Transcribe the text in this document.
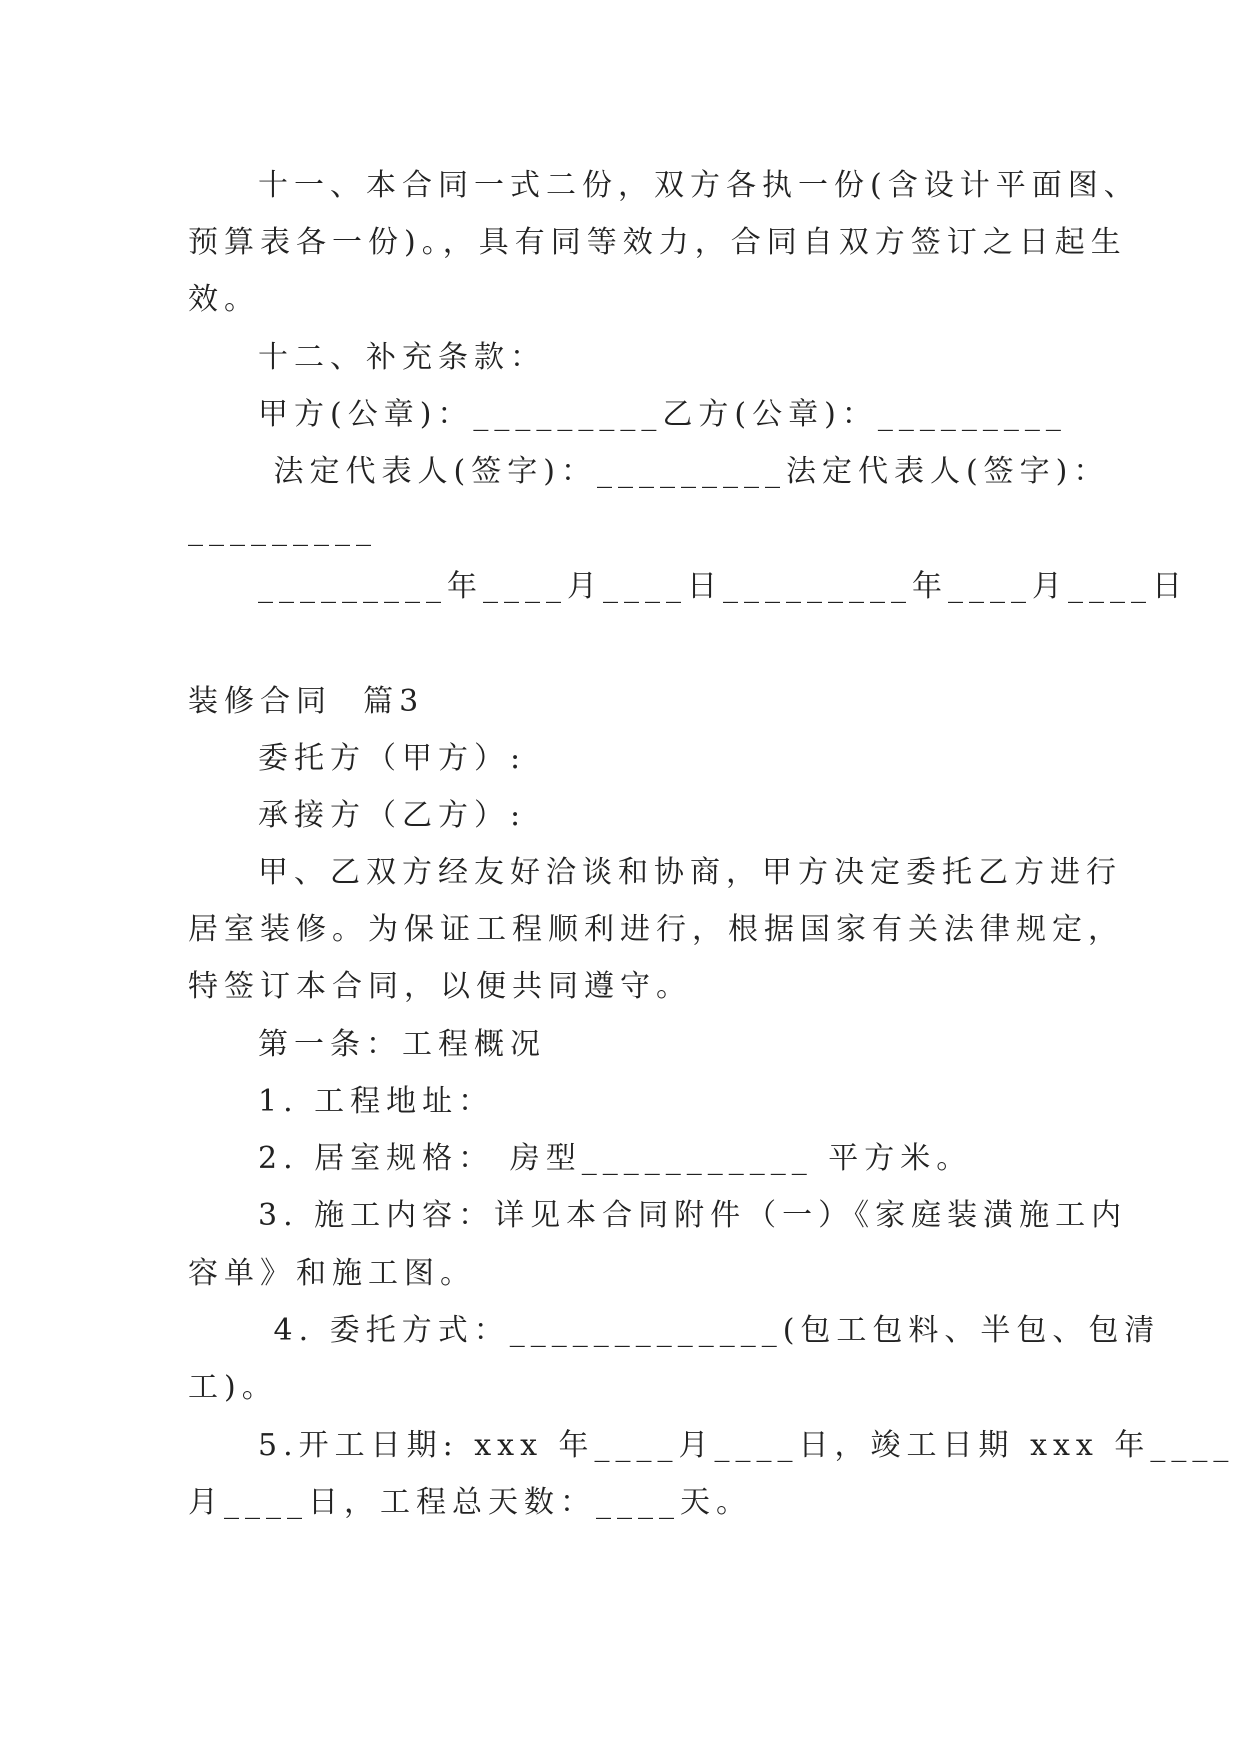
十一、本合同一式二份，双方各执一份(含设计平面图、
预算表各一份)。，具有同等效力，合同自双方签订之日起生
效。
十二、补充条款：
甲方(公章)：_________乙方(公章)：_________
法定代表人(签字)：_________法定代表人(签字)：
_________
_________年____月____日_________年____月____日
装修合同  篇3
委托方（甲方）:
承接方（乙方）:
甲、乙双方经友好洽谈和协商，甲方决定委托乙方进行
居室装修。为保证工程顺利进行，根据国家有关法律规定，
特签订本合同，以便共同遵守。
第一条：工程概况
1. 工程地址：
2. 居室规格： 房型___________ 平方米。
3. 施工内容：详见本合同附件（一）《家庭装潢施工内
容单》和施工图。
4. 委托方式：_____________(包工包料、半包、包清
工)。
5.开工日期: xxx 年____月____日，竣工日期 xxx 年____
月____日，工程总天数：____天。
